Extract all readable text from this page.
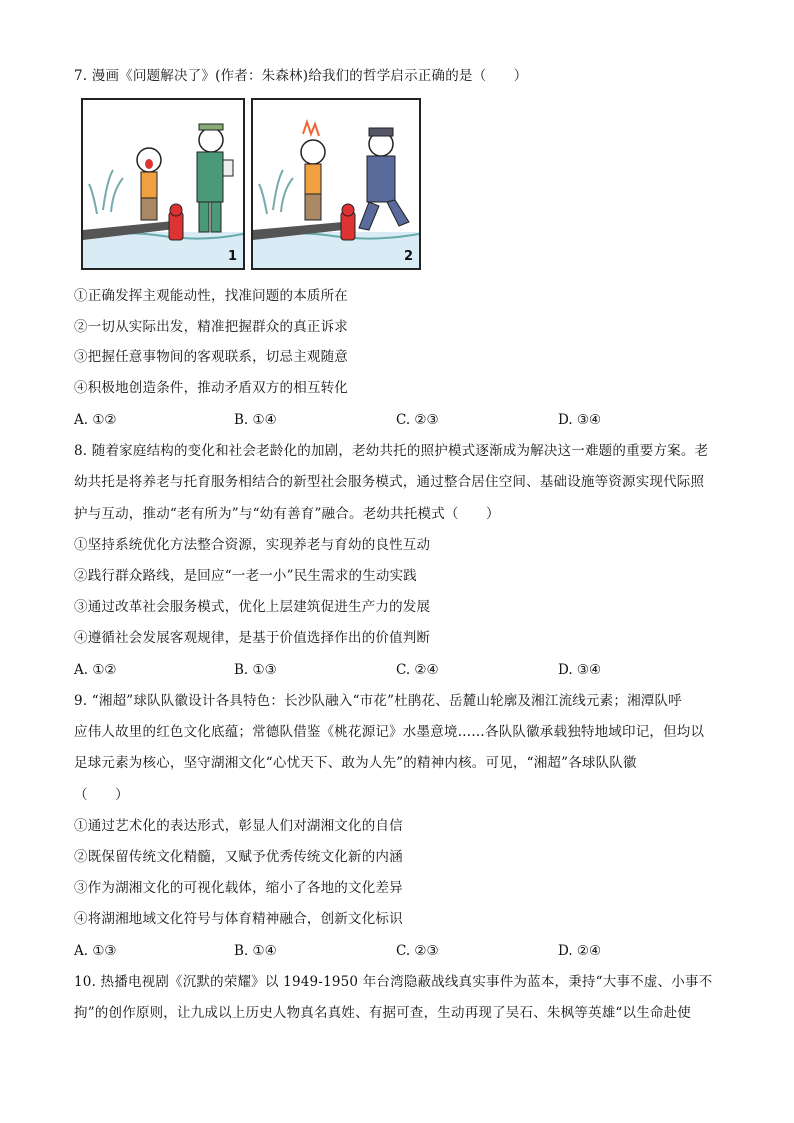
7. 漫画《问题解决了》(作者：朱森林)给我们的哲学启示正确的是（　　）
1	2
①正确发挥主观能动性，找准问题的本质所在
②一切从实际出发，精准把握群众的真正诉求
③把握任意事物间的客观联系，切忌主观随意
④积极地创造条件，推动矛盾双方的相互转化
A. ①②	B. ①④	C. ②③	D. ③④
8. 随着家庭结构的变化和社会老龄化的加剧，老幼共托的照护模式逐渐成为解决这一难题的重要方案。老
幼共托是将养老与托育服务相结合的新型社会服务模式，通过整合居住空间、基础设施等资源实现代际照
护与互动，推动“老有所为”与“幼有善育”融合。老幼共托模式（　　）
①坚持系统优化方法整合资源，实现养老与育幼的良性互动
②践行群众路线，是回应“一老一小”民生需求的生动实践
③通过改革社会服务模式，优化上层建筑促进生产力的发展
④遵循社会发展客观规律，是基于价值选择作出的价值判断
A. ①②	B. ①③	C. ②④	D. ③④
9. “湘超”球队队徽设计各具特色：长沙队融入“市花”杜鹃花、岳麓山轮廓及湘江流线元素；湘潭队呼
应伟人故里的红色文化底蕴；常德队借鉴《桃花源记》水墨意境……各队队徽承载独特地域印记，但均以
足球元素为核心，坚守湖湘文化“心忧天下、敢为人先”的精神内核。可见，“湘超”各球队队徽
（　　）
①通过艺术化的表达形式，彰显人们对湖湘文化的自信
②既保留传统文化精髓，又赋予优秀传统文化新的内涵
③作为湖湘文化的可视化载体，缩小了各地的文化差异
④将湖湘地域文化符号与体育精神融合，创新文化标识
A. ①③	B. ①④	C. ②③	D. ②④
10. 热播电视剧《沉默的荣耀》以 1949-1950 年台湾隐蔽战线真实事件为蓝本，秉持“大事不虚、小事不
拘”的创作原则，让九成以上历史人物真名真姓、有据可查，生动再现了吴石、朱枫等英雄“以生命赴使
